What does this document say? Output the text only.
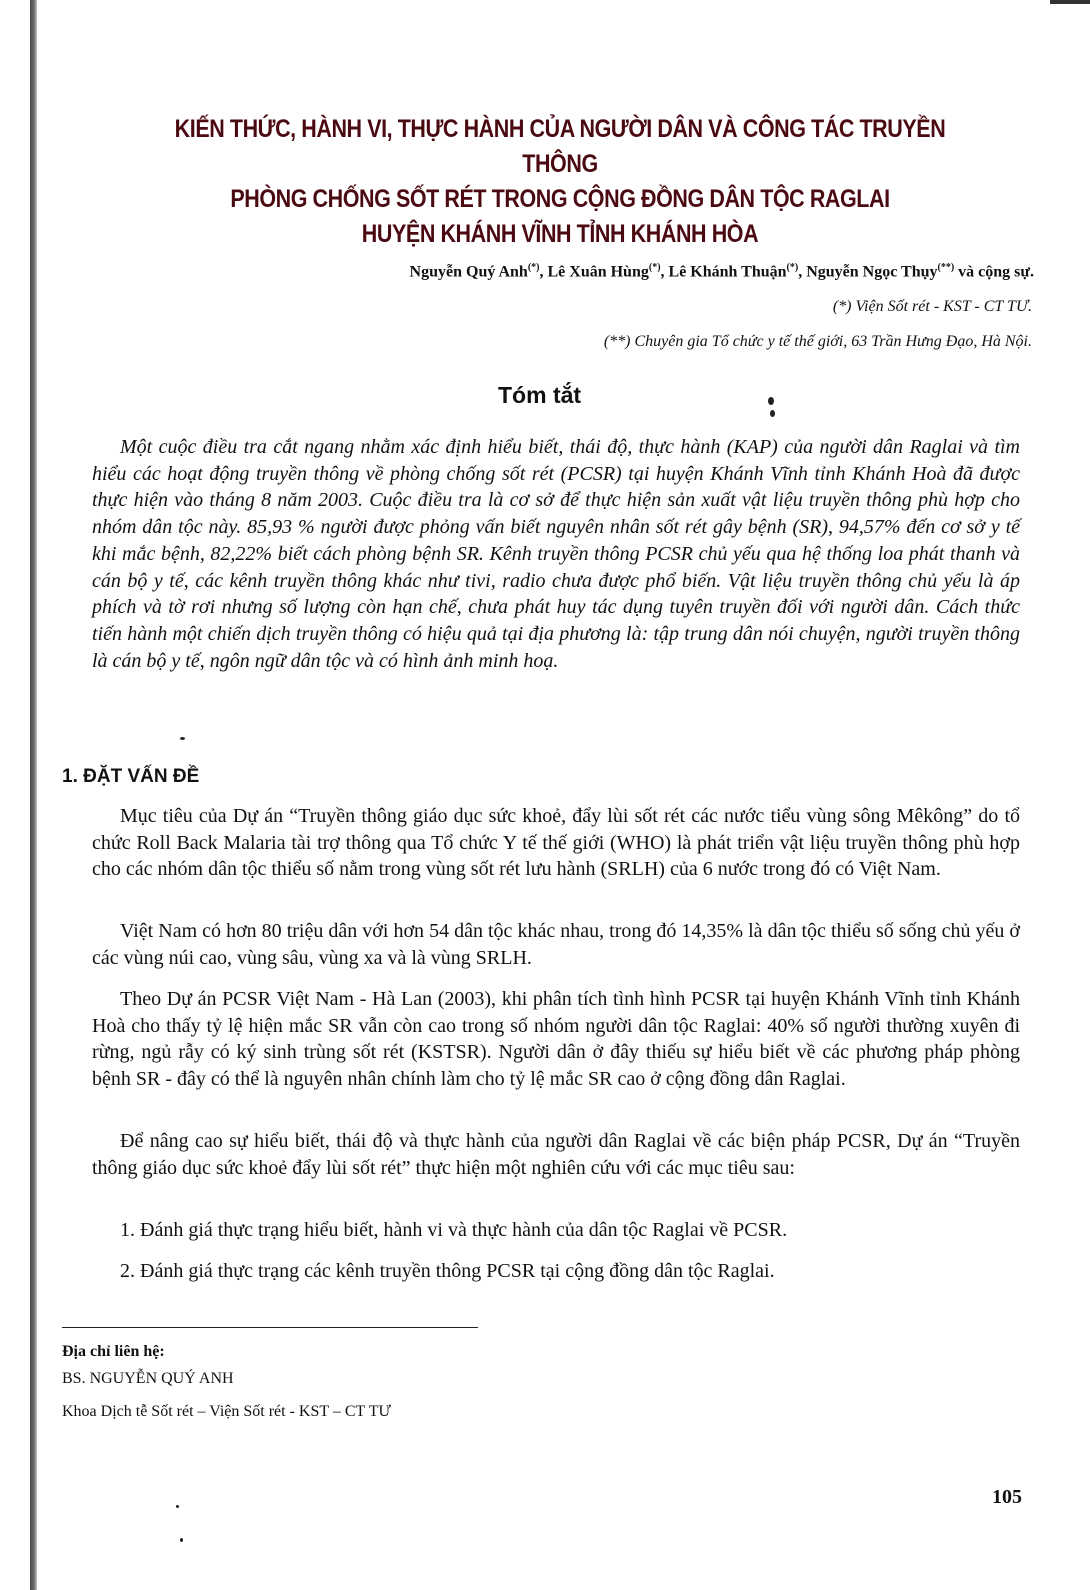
KIẾN THỨC, HÀNH VI, THỰC HÀNH CỦA NGƯỜI DÂN VÀ CÔNG TÁC TRUYỀN THÔNG
PHÒNG CHỐNG SỐT RÉT TRONG CỘNG ĐỒNG DÂN TỘC RAGLAI
HUYỆN KHÁNH VĨNH TỈNH KHÁNH HÒA
Nguyễn Quý Anh(*), Lê Xuân Hùng(*), Lê Khánh Thuận(*), Nguyễn Ngọc Thụy(**) và cộng sự.
(*) Viện Sốt rét - KST - CT TƯ.
(**) Chuyên gia Tổ chức y tế thế giới, 63 Trần Hưng Đạo, Hà Nội.
Tóm tắt

Một cuộc điều tra cắt ngang nhằm xác định hiểu biết, thái độ, thực hành (KAP) của người dân Raglai và tìm hiểu các hoạt động truyền thông về phòng chống sốt rét (PCSR) tại huyện Khánh Vĩnh tỉnh Khánh Hoà đã được thực hiện vào tháng 8 năm 2003. Cuộc điều tra là cơ sở để thực hiện sản xuất vật liệu truyền thông phù hợp cho nhóm dân tộc này. 85,93 % người được phỏng vấn biết nguyên nhân sốt rét gây bệnh (SR), 94,57% đến cơ sở y tế khi mắc bệnh, 82,22% biết cách phòng bệnh SR. Kênh truyền thông PCSR chủ yếu qua hệ thống loa phát thanh và cán bộ y tế, các kênh truyền thông khác như tivi, radio chưa được phổ biến. Vật liệu truyền thông chủ yếu là áp phích và tờ rơi nhưng số lượng còn hạn chế, chưa phát huy tác dụng tuyên truyền đối với người dân. Cách thức tiến hành một chiến dịch truyền thông có hiệu quả tại địa phương là: tập trung dân nói chuyện, người truyền thông là cán bộ y tế, ngôn ngữ dân tộc và có hình ảnh minh hoạ.

1. ĐẶT VẤN ĐỀ

Mục tiêu của Dự án “Truyền thông giáo dục sức khoẻ, đẩy lùi sốt rét các nước tiểu vùng sông Mêkông” do tổ chức Roll Back Malaria tài trợ thông qua Tổ chức Y tế thế giới (WHO) là phát triển vật liệu truyền thông phù hợp cho các nhóm dân tộc thiểu số nằm trong vùng sốt rét lưu hành (SRLH) của 6 nước trong đó có Việt Nam.

Việt Nam có hơn 80 triệu dân với hơn 54 dân tộc khác nhau, trong đó 14,35% là dân tộc thiểu số sống chủ yếu ở các vùng núi cao, vùng sâu, vùng xa và là vùng SRLH.

Theo Dự án PCSR Việt Nam - Hà Lan (2003), khi phân tích tình hình PCSR tại huyện Khánh Vĩnh tỉnh Khánh Hoà cho thấy tỷ lệ hiện mắc SR vẫn còn cao trong số nhóm người dân tộc Raglai: 40% số người thường xuyên đi rừng, ngủ rẫy có ký sinh trùng sốt rét (KSTSR). Người dân ở đây thiếu sự hiểu biết về các phương pháp phòng bệnh SR - đây có thể là nguyên nhân chính làm cho tỷ lệ mắc SR cao ở cộng đồng dân Raglai.

Để nâng cao sự hiểu biết, thái độ và thực hành của người dân Raglai về các biện pháp PCSR, Dự án “Truyền thông giáo dục sức khoẻ đẩy lùi sốt rét” thực hiện một nghiên cứu với các mục tiêu sau:

1. Đánh giá thực trạng hiểu biết, hành vi và thực hành của dân tộc Raglai về PCSR.

2. Đánh giá thực trạng các kênh truyền thông PCSR tại cộng đồng dân tộc Raglai.

Địa chỉ liên hệ:

BS. NGUYỄN QUÝ ANH

Khoa Dịch tễ Sốt rét – Viện Sốt rét - KST – CT TƯ

105
